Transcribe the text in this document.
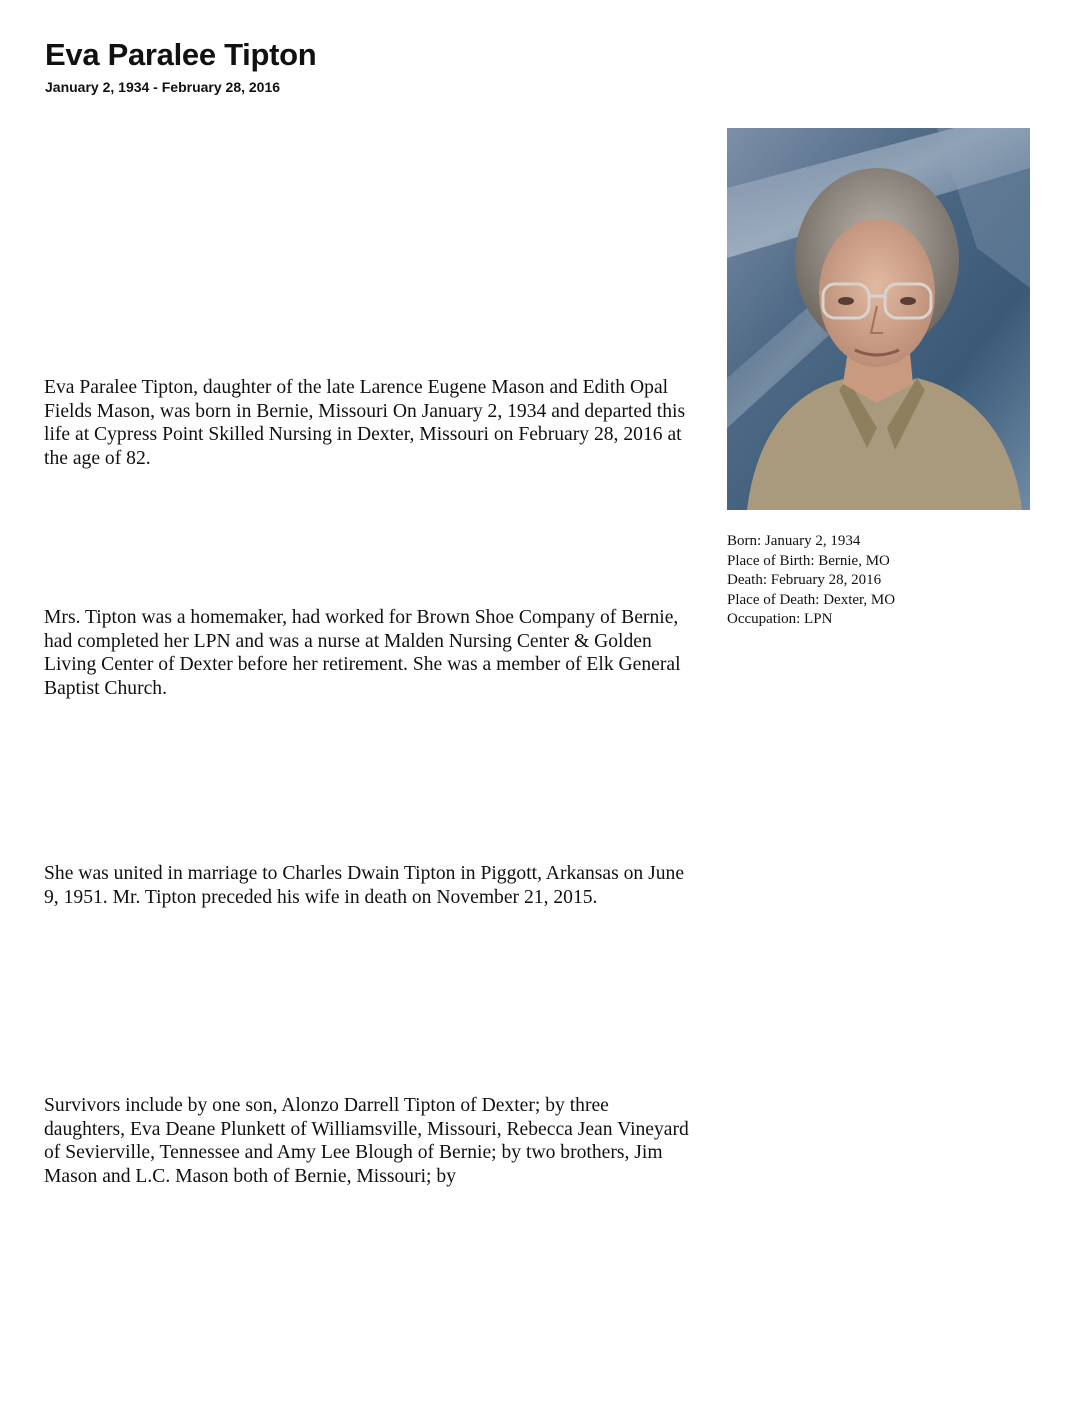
Eva Paralee Tipton
January 2, 1934 - February 28, 2016

Eva Paralee Tipton, daughter of the late Larence Eugene Mason and Edith Opal Fields Mason, was born in Bernie, Missouri On January 2, 1934 and departed this life at Cypress Point Skilled Nursing in Dexter, Missouri on February 28, 2016 at the age of 82.

Mrs. Tipton was a homemaker, had worked for Brown Shoe Company of Bernie, had completed her LPN and was a nurse at Malden Nursing Center & Golden Living Center of Dexter before her retirement. She was a member of Elk General Baptist Church.

She was united in marriage to Charles Dwain Tipton in Piggott, Arkansas on June 9, 1951. Mr. Tipton preceded his wife in death on November 21, 2015.

Survivors include by one son, Alonzo Darrell Tipton of Dexter; by three daughters, Eva Deane Plunkett of Williamsville, Missouri, Rebecca Jean Vineyard of Sevierville, Tennessee and Amy Lee Blough of Bernie; by two brothers, Jim Mason and L.C. Mason both of Bernie, Missouri; by

Born: January 2, 1934
Place of Birth: Bernie, MO
Death: February 28, 2016
Place of Death: Dexter, MO
Occupation: LPN
